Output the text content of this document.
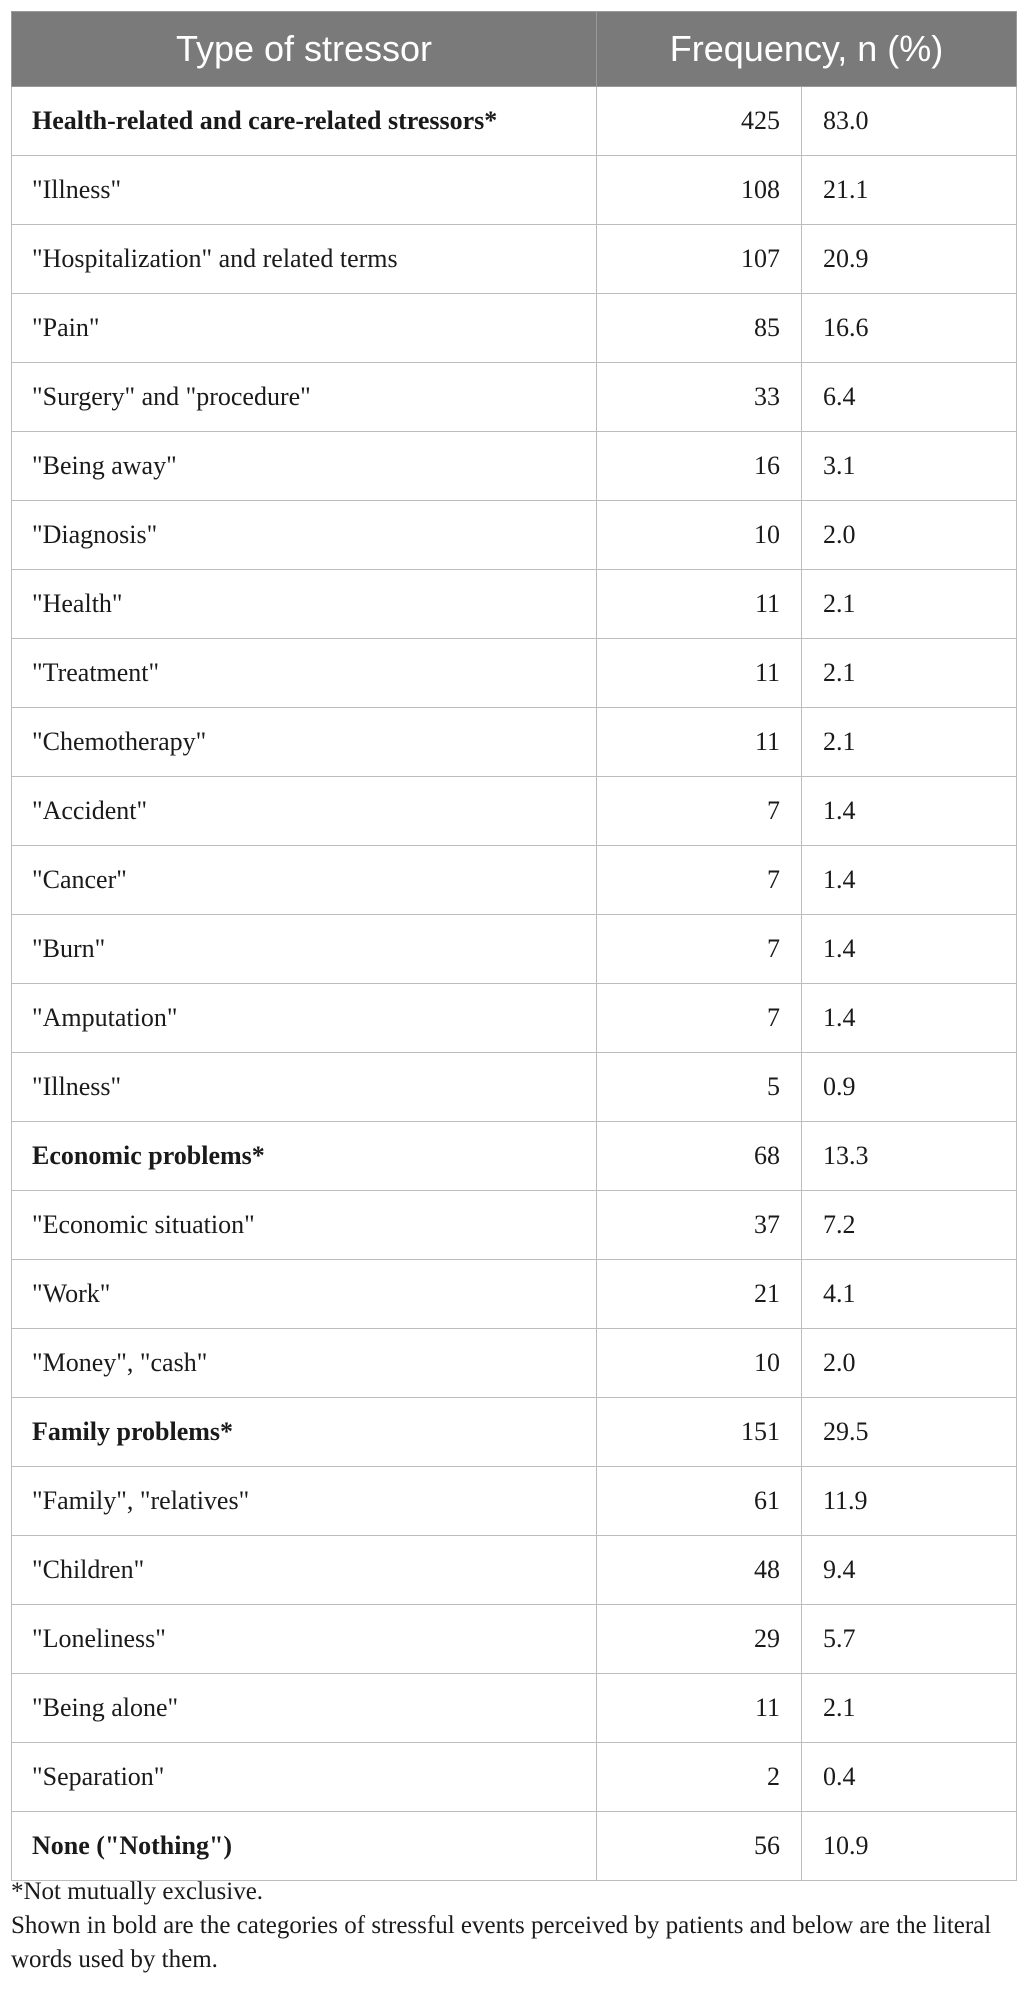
Type of stressor	Frequency, n (%)	
Health-related and care-related stressors*	425	83.0
"Illness"	108	21.1
"Hospitalization" and related terms	107	20.9
"Pain"	85	16.6
"Surgery" and "procedure"	33	6.4
"Being away"	16	3.1
"Diagnosis"	10	2.0
"Health"	11	2.1
"Treatment"	11	2.1
"Chemotherapy"	11	2.1
"Accident"	7	1.4
"Cancer"	7	1.4
"Burn"	7	1.4
"Amputation"	7	1.4
"Illness"	5	0.9
Economic problems*	68	13.3
"Economic situation"	37	7.2
"Work"	21	4.1
"Money", "cash"	10	2.0
Family problems*	151	29.5
"Family", "relatives"	61	11.9
"Children"	48	9.4
"Loneliness"	29	5.7
"Being alone"	11	2.1
"Separation"	2	0.4
None ("Nothing")	56	10.9

*Not mutually exclusive.

Shown in bold are the categories of stressful events perceived by patients and below are the literal words used by them.
